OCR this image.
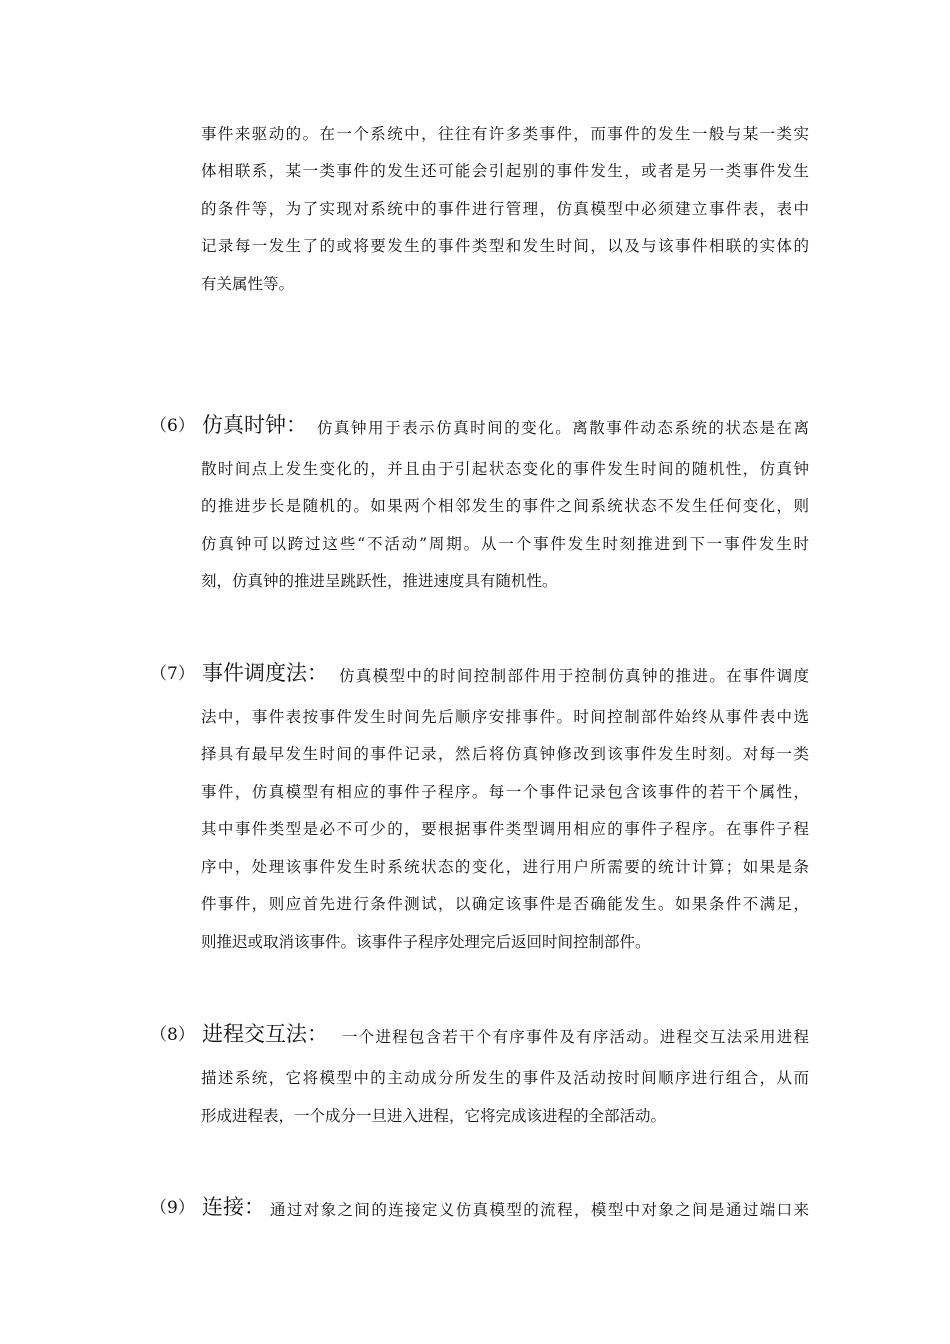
事件来驱动的。在一个系统中，往往有许多类事件，而事件的发生一般与某一类实
体相联系，某一类事件的发生还可能会引起别的事件发生，或者是另一类事件发生
的条件等，为了实现对系统中的事件进行管理，仿真模型中必须建立事件表，表中
记录每一发生了的或将要发生的事件类型和发生时间，以及与该事件相联的实体的
有关属性等。
（6） 仿真时钟： 仿真钟用于表示仿真时间的变化。离散事件动态系统的状态是在离
散时间点上发生变化的，并且由于引起状态变化的事件发生时间的随机性，仿真钟
的推进步长是随机的。如果两个相邻发生的事件之间系统状态不发生任何变化，则
仿真钟可以跨过这些“不活动”周期。从一个事件发生时刻推进到下一事件发生时
刻，仿真钟的推进呈跳跃性，推进速度具有随机性。
（7） 事件调度法： 仿真模型中的时间控制部件用于控制仿真钟的推进。在事件调度
法中，事件表按事件发生时间先后顺序安排事件。时间控制部件始终从事件表中选
择具有最早发生时间的事件记录，然后将仿真钟修改到该事件发生时刻。对每一类
事件，仿真模型有相应的事件子程序。每一个事件记录包含该事件的若干个属性，
其中事件类型是必不可少的，要根据事件类型调用相应的事件子程序。在事件子程
序中，处理该事件发生时系统状态的变化，进行用户所需要的统计计算；如果是条
件事件，则应首先进行条件测试，以确定该事件是否确能发生。如果条件不满足，
则推迟或取消该事件。该事件子程序处理完后返回时间控制部件。
（8） 进程交互法： 一个进程包含若干个有序事件及有序活动。进程交互法采用进程
描述系统，它将模型中的主动成分所发生的事件及活动按时间顺序进行组合，从而
形成进程表，一个成分一旦进入进程，它将完成该进程的全部活动。
（9） 连接： 通过对象之间的连接定义仿真模型的流程，模型中对象之间是通过端口来
